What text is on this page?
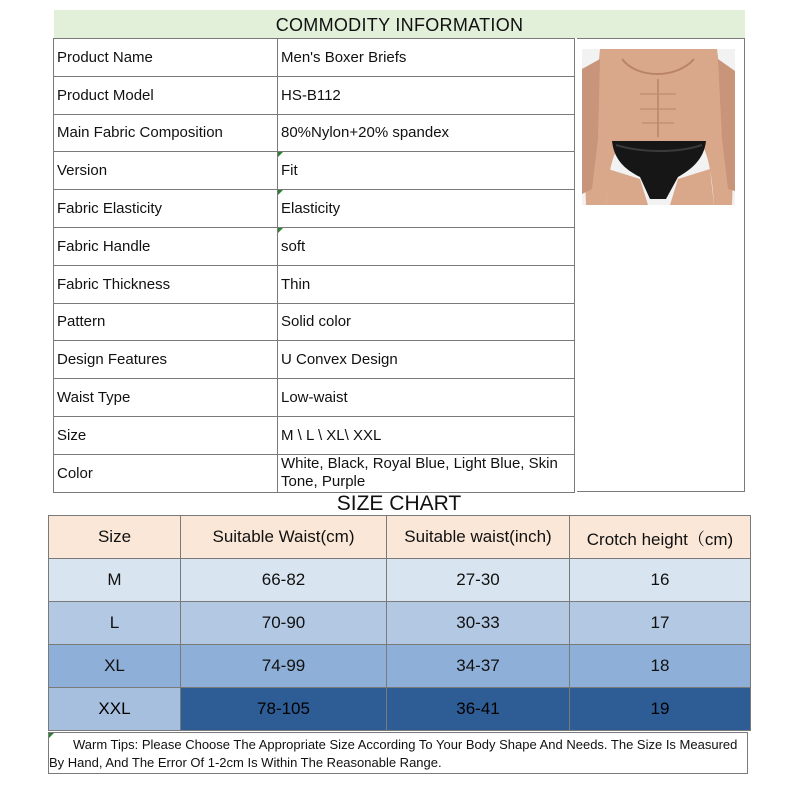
COMMODITY INFORMATION
Product Name	Men's Boxer Briefs
Product Model	HS-B112
Main Fabric Composition	80%Nylon+20% spandex
Version	Fit
Fabric Elasticity	Elasticity
Fabric Handle	soft
Fabric Thickness	Thin
Pattern	Solid color
Design Features	U Convex Design
Waist Type	Low-waist
Size	M \ L \ XL\ XXL
Color	White, Black, Royal Blue, Light Blue, Skin Tone, Purple
SIZE CHART
Size	Suitable Waist(cm)	Suitable waist(inch)	Crotch height（cm)
M	66-82	27-30	16
L	70-90	30-33	17
XL	74-99	34-37	18
XXL	78-105	36-41	19

Warm Tips: Please Choose The Appropriate Size According To Your Body Shape And Needs. The Size Is Measured By Hand, And The Error Of 1-2cm Is Within The Reasonable Range.
